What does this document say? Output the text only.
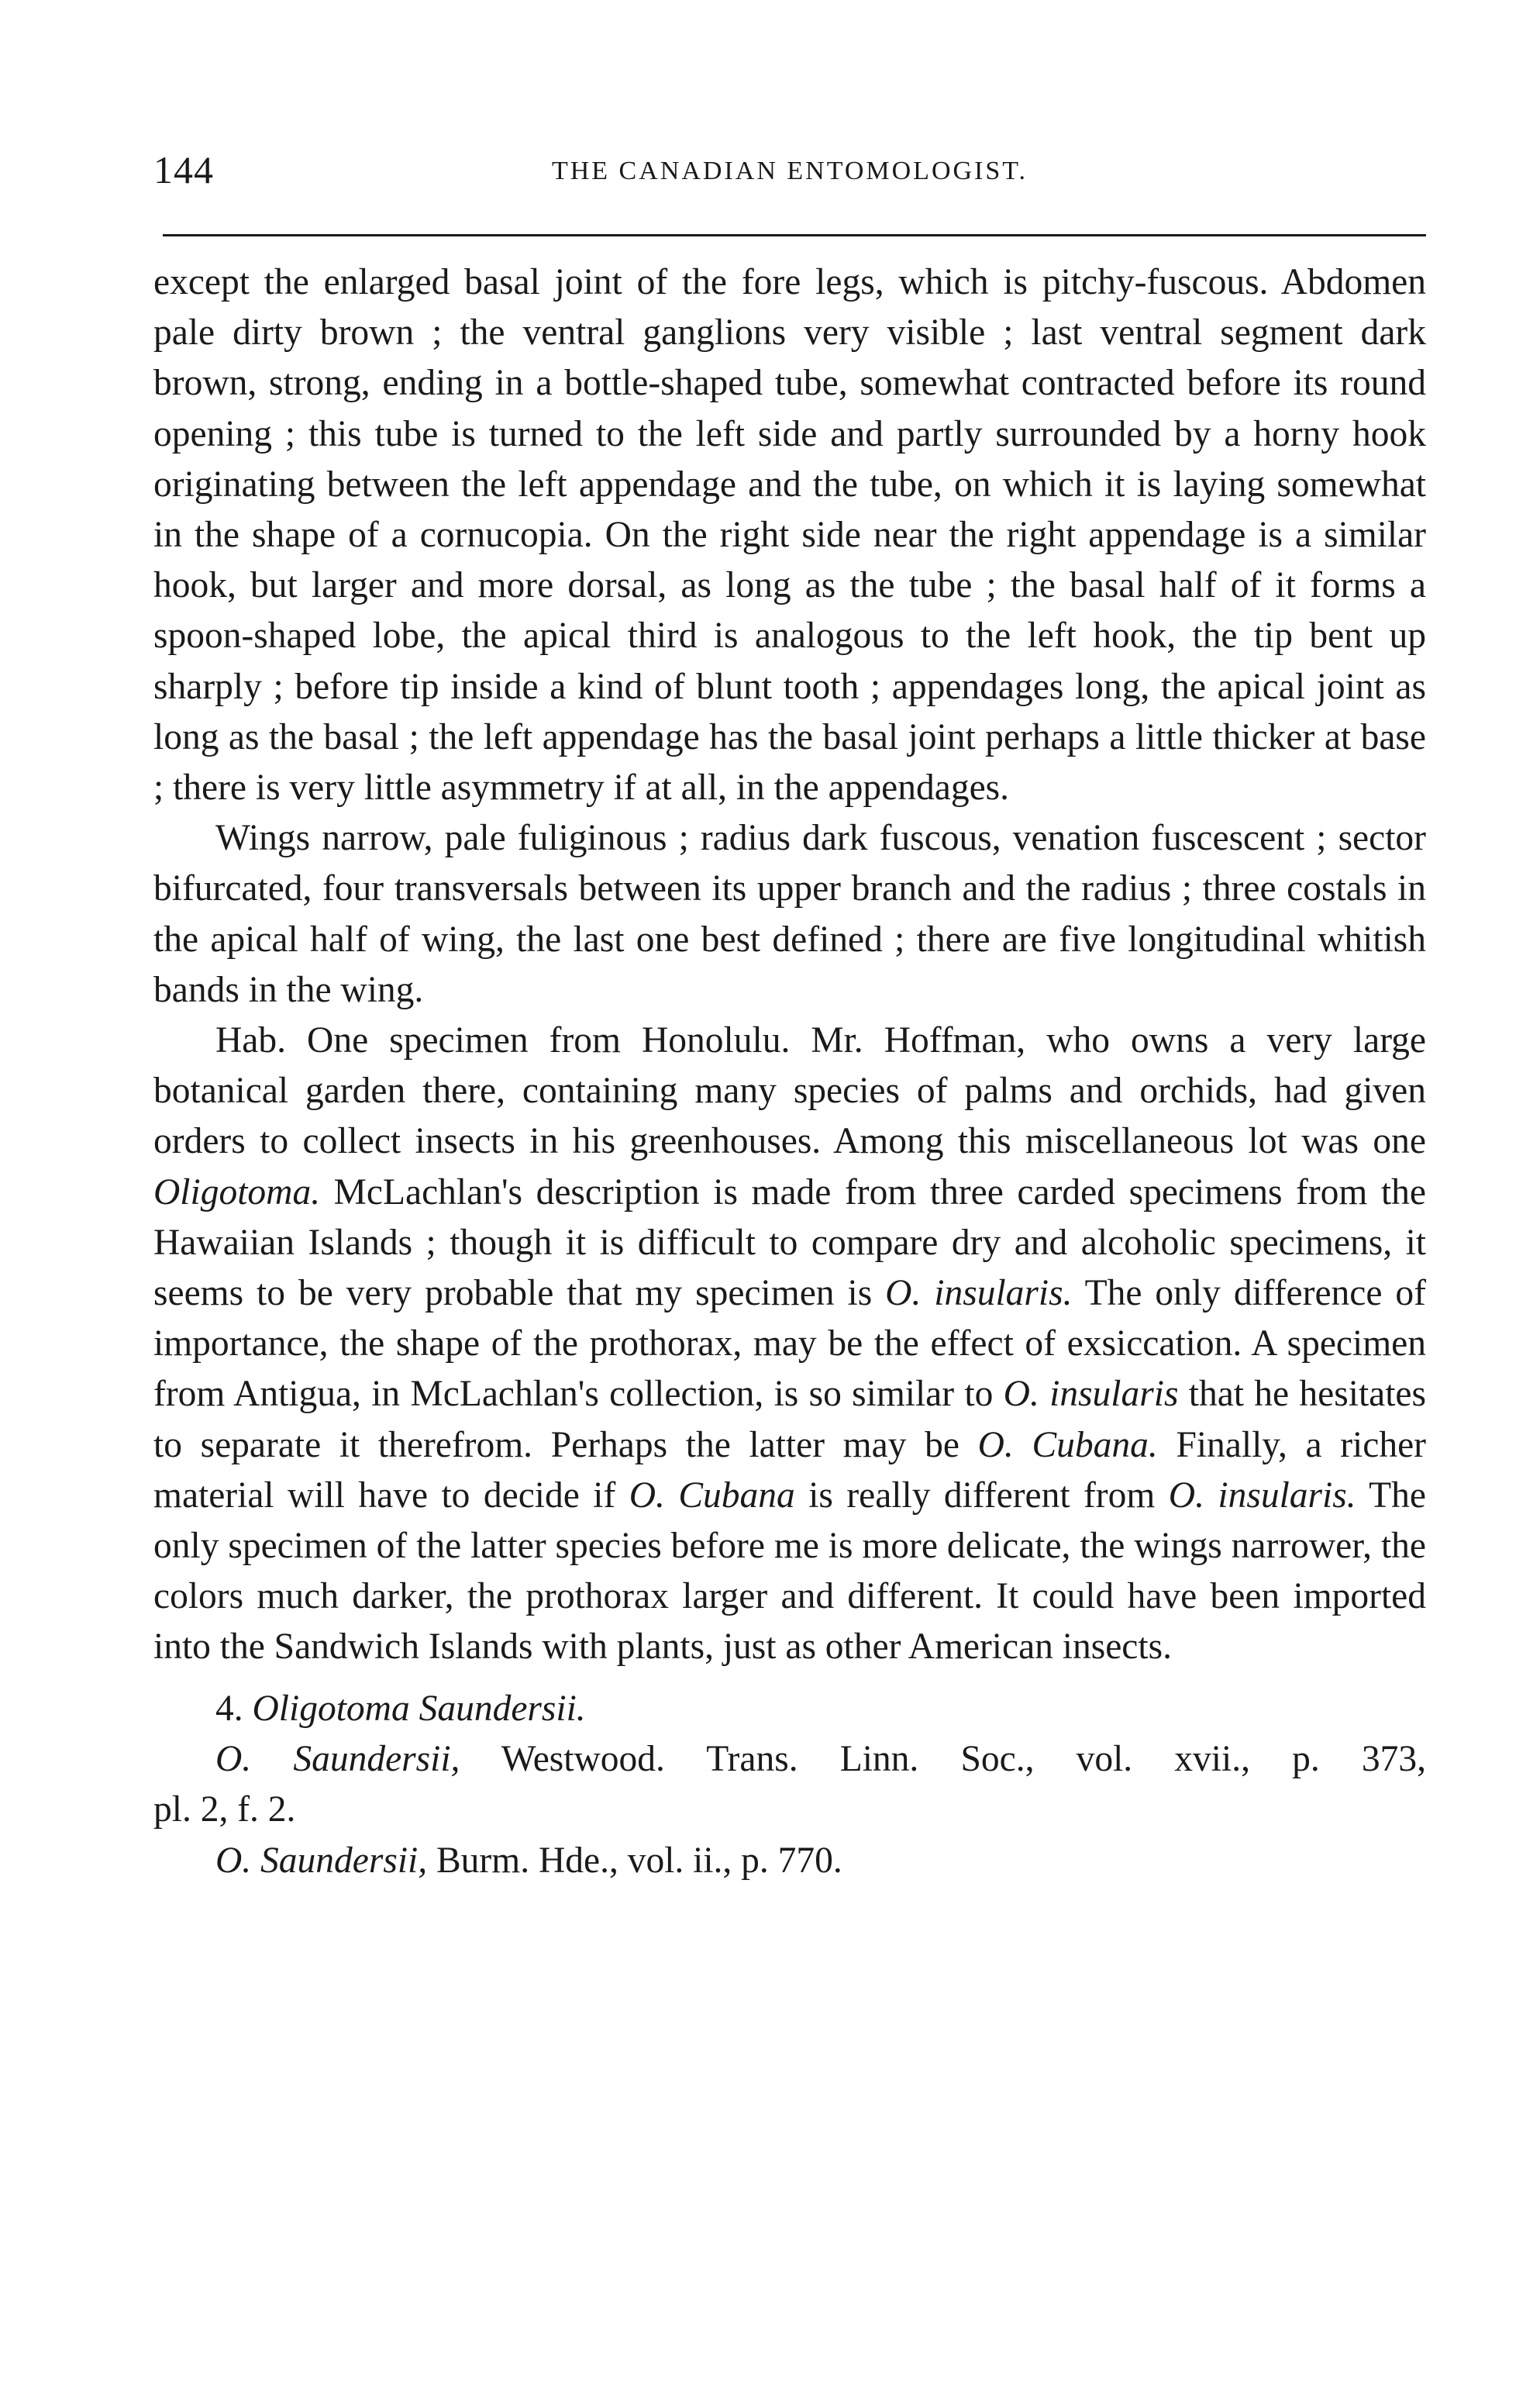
144	THE CANADIAN ENTOMOLOGIST.

except the enlarged basal joint of the fore legs, which is pitchy-fuscous. Abdomen pale dirty brown ; the ventral ganglions very visible ; last ventral segment dark brown, strong, ending in a bottle-shaped tube, somewhat contracted before its round opening ; this tube is turned to the left side and partly surrounded by a horny hook originating between the left appendage and the tube, on which it is laying somewhat in the shape of a cornucopia. On the right side near the right appendage is a similar hook, but larger and more dorsal, as long as the tube ; the basal half of it forms a spoon-shaped lobe, the apical third is analogous to the left hook, the tip bent up sharply ; before tip inside a kind of blunt tooth ; appendages long, the apical joint as long as the basal ; the left appendage has the basal joint perhaps a little thicker at base ; there is very little asymmetry if at all, in the appendages.

Wings narrow, pale fuliginous ; radius dark fuscous, venation fuscescent ; sector bifurcated, four transversals between its upper branch and the radius ; three costals in the apical half of wing, the last one best defined ; there are five longitudinal whitish bands in the wing.

Hab. One specimen from Honolulu. Mr. Hoffman, who owns a very large botanical garden there, containing many species of palms and orchids, had given orders to collect insects in his greenhouses. Among this miscellaneous lot was one Oligotoma. McLachlan's description is made from three carded specimens from the Hawaiian Islands ; though it is difficult to compare dry and alcoholic specimens, it seems to be very probable that my specimen is O. insularis. The only difference of importance, the shape of the prothorax, may be the effect of exsiccation. A specimen from Antigua, in McLachlan's collection, is so similar to O. insularis that he hesitates to separate it therefrom. Perhaps the latter may be O. Cubana. Finally, a richer material will have to decide if O. Cubana is really different from O. insularis. The only specimen of the latter species before me is more delicate, the wings narrower, the colors much darker, the prothorax larger and different. It could have been imported into the Sandwich Islands with plants, just as other American insects.

4. Oligotoma Saundersii.

O. Saundersii, Westwood. Trans. Linn. Soc., vol. xvii., p. 373,

pl. 2, f. 2.

O. Saundersii, Burm. Hde., vol. ii., p. 770.
